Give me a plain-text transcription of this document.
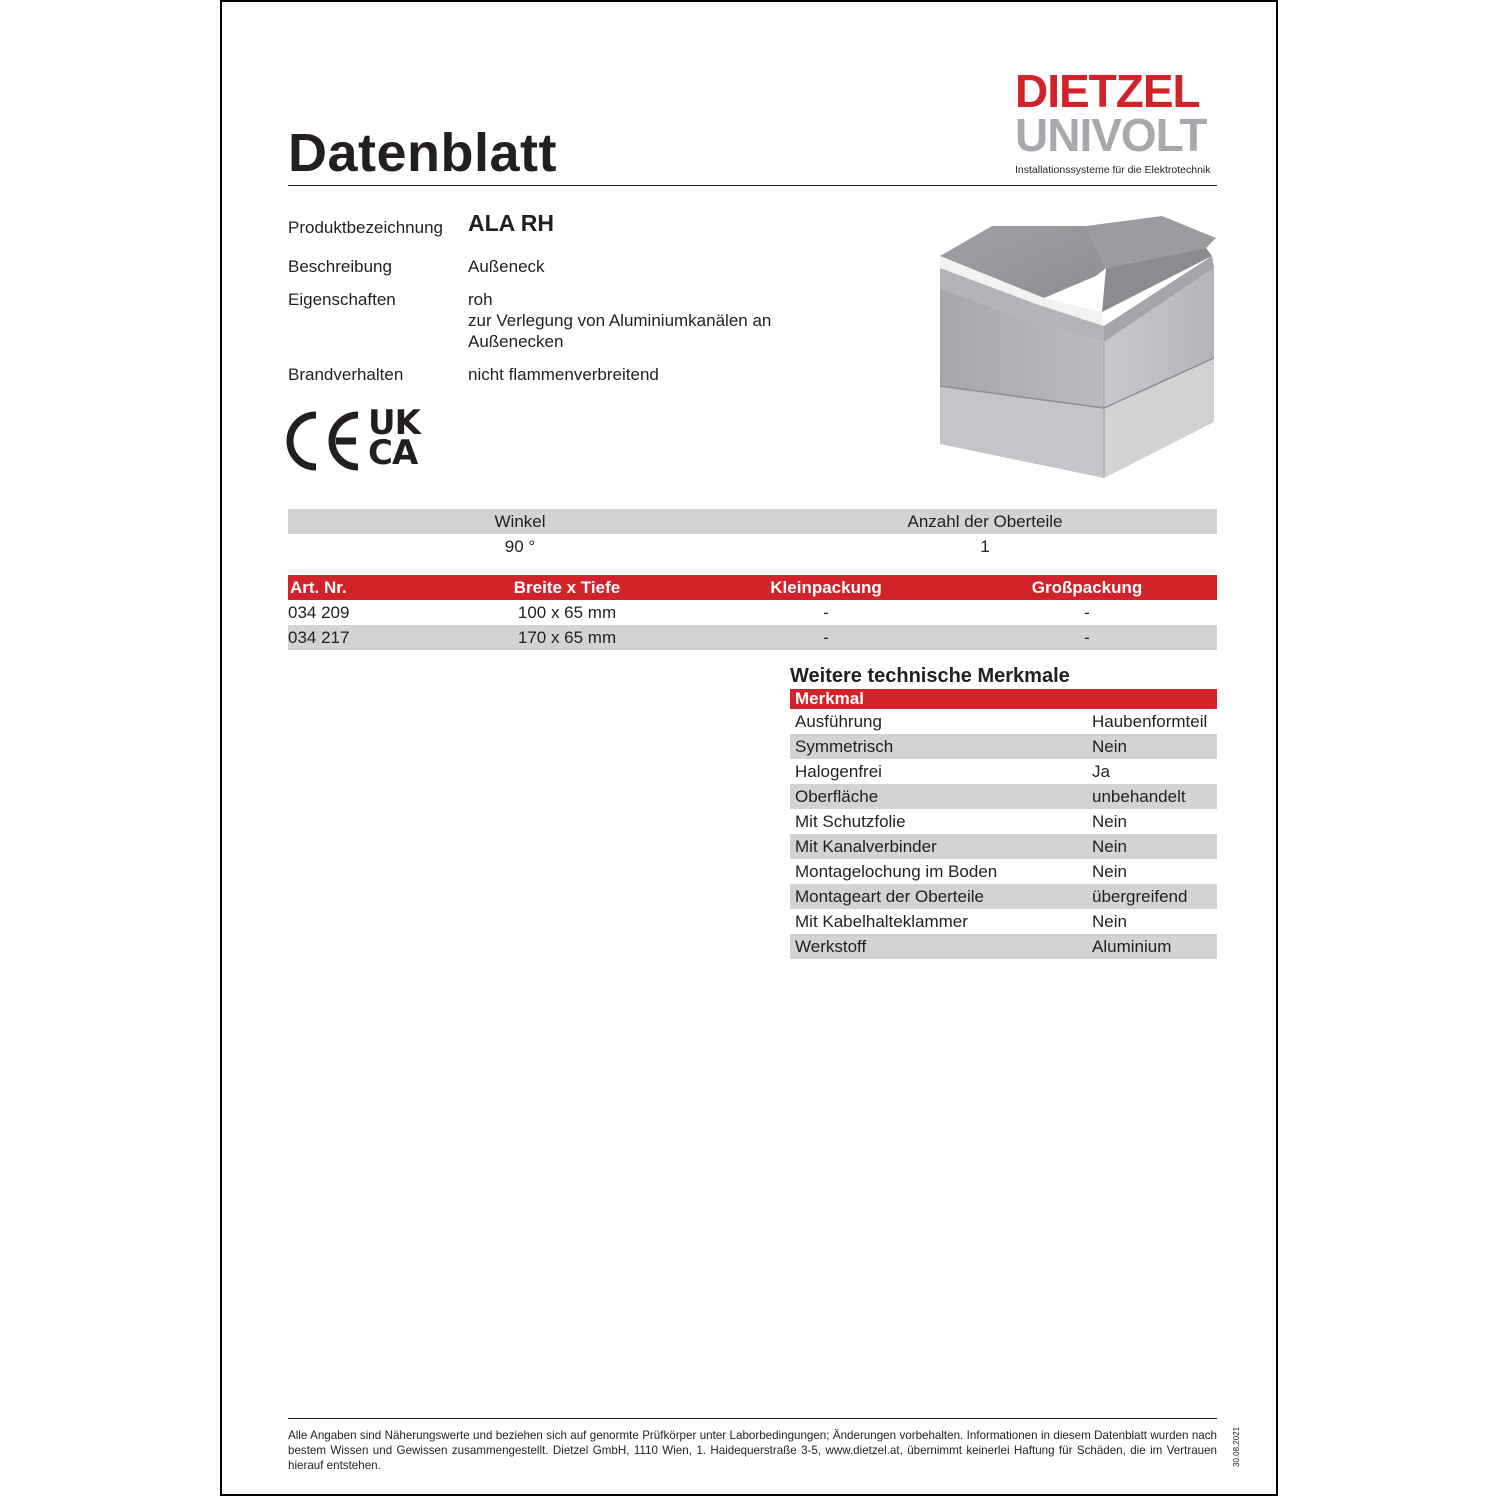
Datenblatt
DIETZEL
UNIVOLT
Installationssysteme für die Elektrotechnik
Produktbezeichnung ALA RH
Beschreibung	Außeneck
Eigenschaften	roh
zur Verlegung von Aluminiumkanälen an
Außenecken
Brandverhalten	nicht flammenverbreitend
UK
CA
Winkel	Anzahl der Oberteile
90 °	1
Art. Nr.	Breite x Tiefe	Kleinpackung	Großpackung
034 209	100 x 65 mm	-	-
034 217	170 x 65 mm	-	-
Weitere technische Merkmale
Merkmal
Ausführung	Haubenformteil
Symmetrisch	Nein
Halogenfrei	Ja
Oberfläche	unbehandelt
Mit Schutzfolie	Nein
Mit Kanalverbinder	Nein
Montagelochung im Boden	Nein
Montageart der Oberteile	übergreifend
Mit Kabelhalteklammer	Nein
Werkstoff	Aluminium
Alle Angaben sind Näherungswerte und beziehen sich auf genormte Prüfkörper unter Laborbedingungen; Änderungen vorbehalten. Informationen in diesem Datenblatt wurden nach bestem Wissen und Gewissen zusammengestellt. Dietzel GmbH, 1110 Wien, 1. Haidequerstraße 3-5, www.dietzel.at, übernimmt keinerlei Haftung für Schäden, die im Vertrauen hierauf entstehen.	30.08.2021
